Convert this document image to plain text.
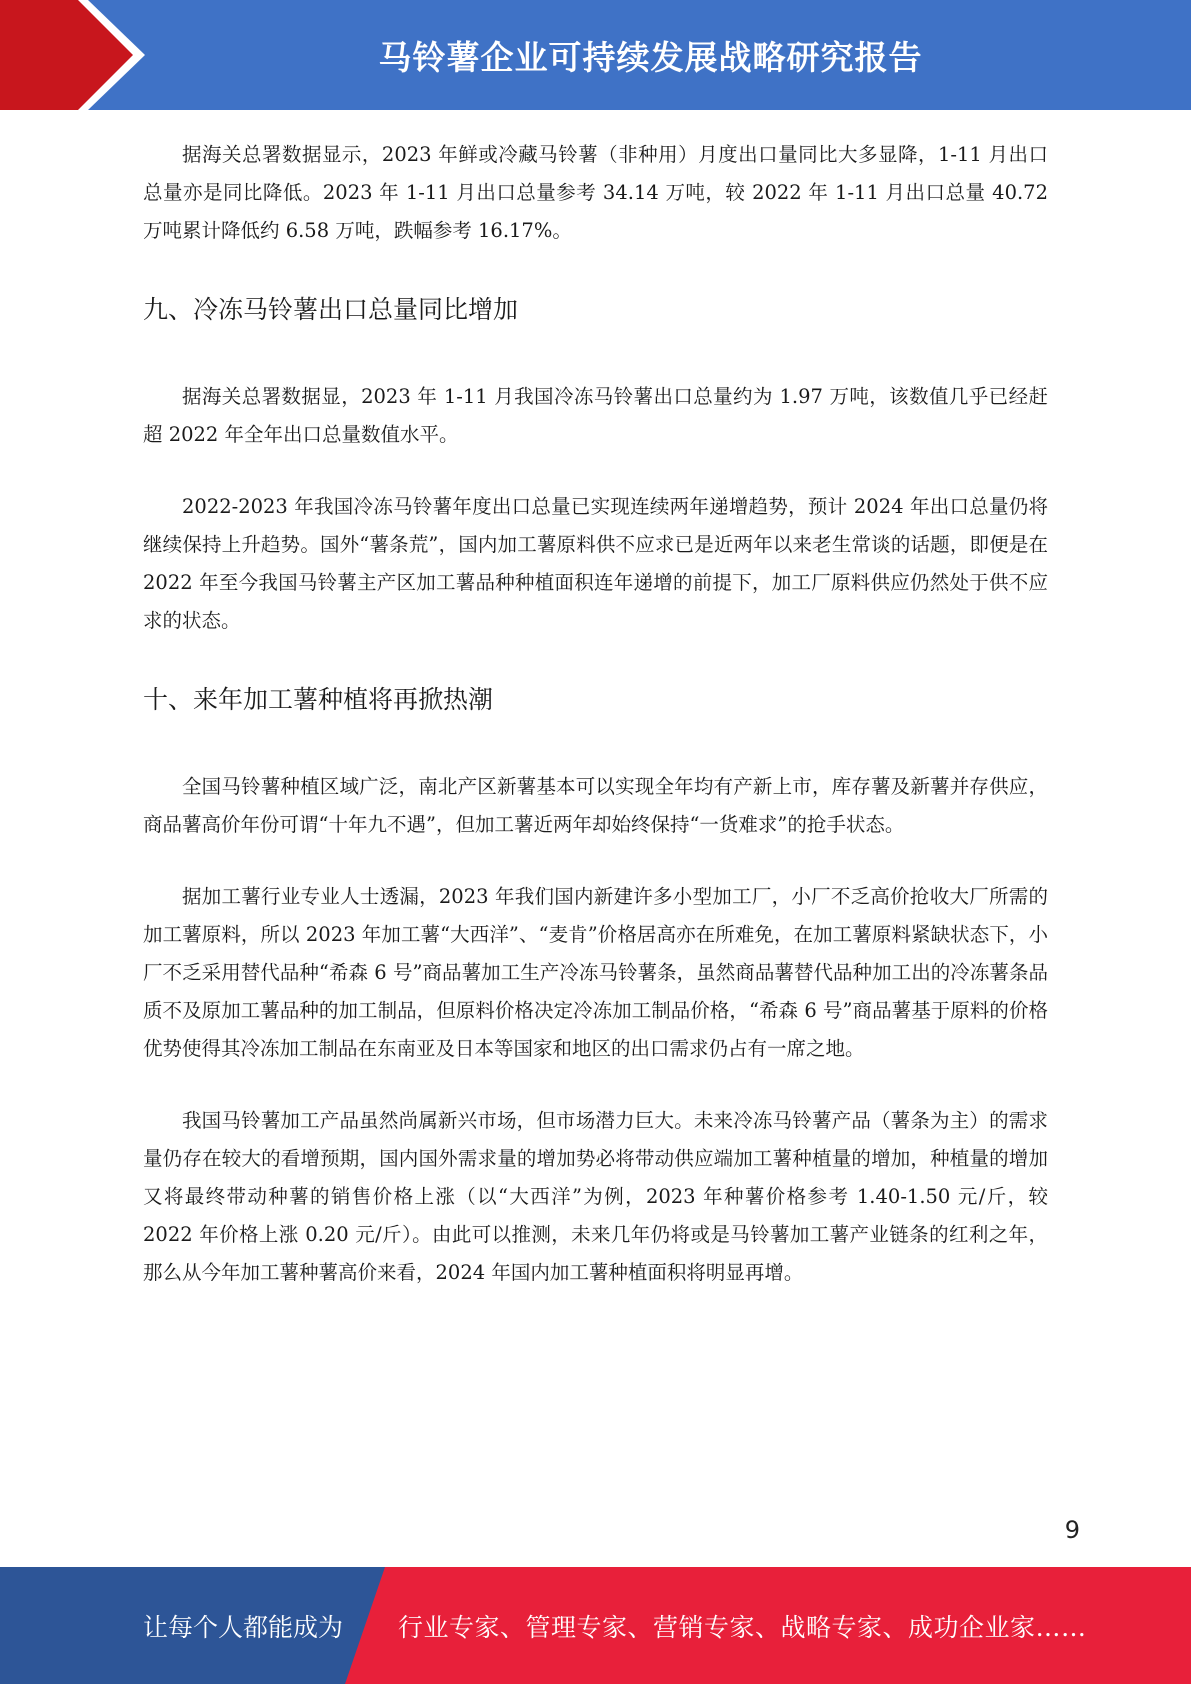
马铃薯企业可持续发展战略研究报告

据海关总署数据显示，2023 年鲜或冷藏马铃薯（非种用）月度出口量同比大多显降，1-11 月出口总量亦是同比降低。2023 年 1-11 月出口总量参考 34.14 万吨，较 2022 年 1-11 月出口总量 40.72 万吨累计降低约 6.58 万吨，跌幅参考 16.17%。

九、冷冻马铃薯出口总量同比增加

据海关总署数据显，2023 年 1-11 月我国冷冻马铃薯出口总量约为 1.97 万吨，该数值几乎已经赶超 2022 年全年出口总量数值水平。

2022-2023 年我国冷冻马铃薯年度出口总量已实现连续两年递增趋势，预计 2024 年出口总量仍将继续保持上升趋势。国外“薯条荒”，国内加工薯原料供不应求已是近两年以来老生常谈的话题，即便是在 2022 年至今我国马铃薯主产区加工薯品种种植面积连年递增的前提下，加工厂原料供应仍然处于供不应求的状态。

十、来年加工薯种植将再掀热潮

全国马铃薯种植区域广泛，南北产区新薯基本可以实现全年均有产新上市，库存薯及新薯并存供应，商品薯高价年份可谓“十年九不遇”，但加工薯近两年却始终保持“一货难求”的抢手状态。

据加工薯行业专业人士透漏，2023 年我们国内新建许多小型加工厂，小厂不乏高价抢收大厂所需的加工薯原料，所以 2023 年加工薯“大西洋”、“麦肯”价格居高亦在所难免，在加工薯原料紧缺状态下，小厂不乏采用替代品种“希森 6 号”商品薯加工生产冷冻马铃薯条，虽然商品薯替代品种加工出的冷冻薯条品质不及原加工薯品种的加工制品，但原料价格决定冷冻加工制品价格，“希森 6 号”商品薯基于原料的价格优势使得其冷冻加工制品在东南亚及日本等国家和地区的出口需求仍占有一席之地。

我国马铃薯加工产品虽然尚属新兴市场，但市场潜力巨大。未来冷冻马铃薯产品（薯条为主）的需求量仍存在较大的看增预期，国内国外需求量的增加势必将带动供应端加工薯种植量的增加，种植量的增加又将最终带动种薯的销售价格上涨（以“大西洋”为例，2023 年种薯价格参考 1.40-1.50 元/斤，较 2022 年价格上涨 0.20 元/斤）。由此可以推测，未来几年仍将或是马铃薯加工薯产业链条的红利之年，那么从今年加工薯种薯高价来看，2024 年国内加工薯种植面积将明显再增。

9
让每个人都能成为 行业专家、管理专家、营销专家、战略专家、成功企业家……
